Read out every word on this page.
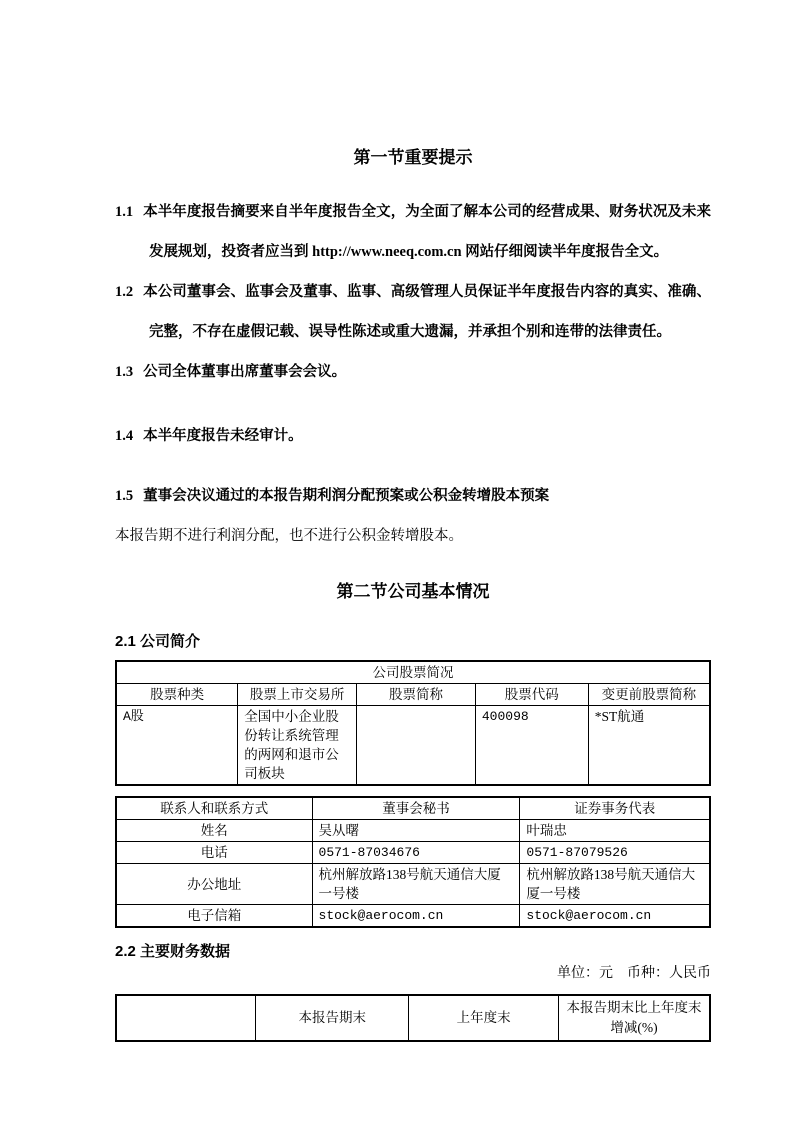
第一节重要提示

1.1 本半年度报告摘要来自半年度报告全文，为全面了解本公司的经营成果、财务状况及未来发展规划，投资者应当到 http://www.neeq.com.cn 网站仔细阅读半年度报告全文。

1.2 本公司董事会、监事会及董事、监事、高级管理人员保证半年度报告内容的真实、准确、完整，不存在虚假记载、误导性陈述或重大遗漏，并承担个别和连带的法律责任。

1.3 公司全体董事出席董事会会议。

1.4 本半年度报告未经审计。

1.5 董事会决议通过的本报告期利润分配预案或公积金转增股本预案

本报告期不进行利润分配，也不进行公积金转增股本。

第二节公司基本情况
2.1 公司简介
公司股票简况				
股票种类	股票上市交易所	股票简称	股票代码	变更前股票简称
A股	全国中小企业股份转让系统管理的两网和退市公司板块		400098	*ST航通
联系人和联系方式	董事会秘书	证券事务代表
姓名	吴从曙	叶瑞忠
电话	0571-87034676	0571-87079526
办公地址	杭州解放路138号航天通信大厦一号楼	杭州解放路138号航天通信大厦一号楼
电子信箱	stock@aerocom.cn	stock@aerocom.cn
2.2 主要财务数据
单位：元　币种：人民币
	本报告期末	上年度末	本报告期末比上年度末增减(%)
